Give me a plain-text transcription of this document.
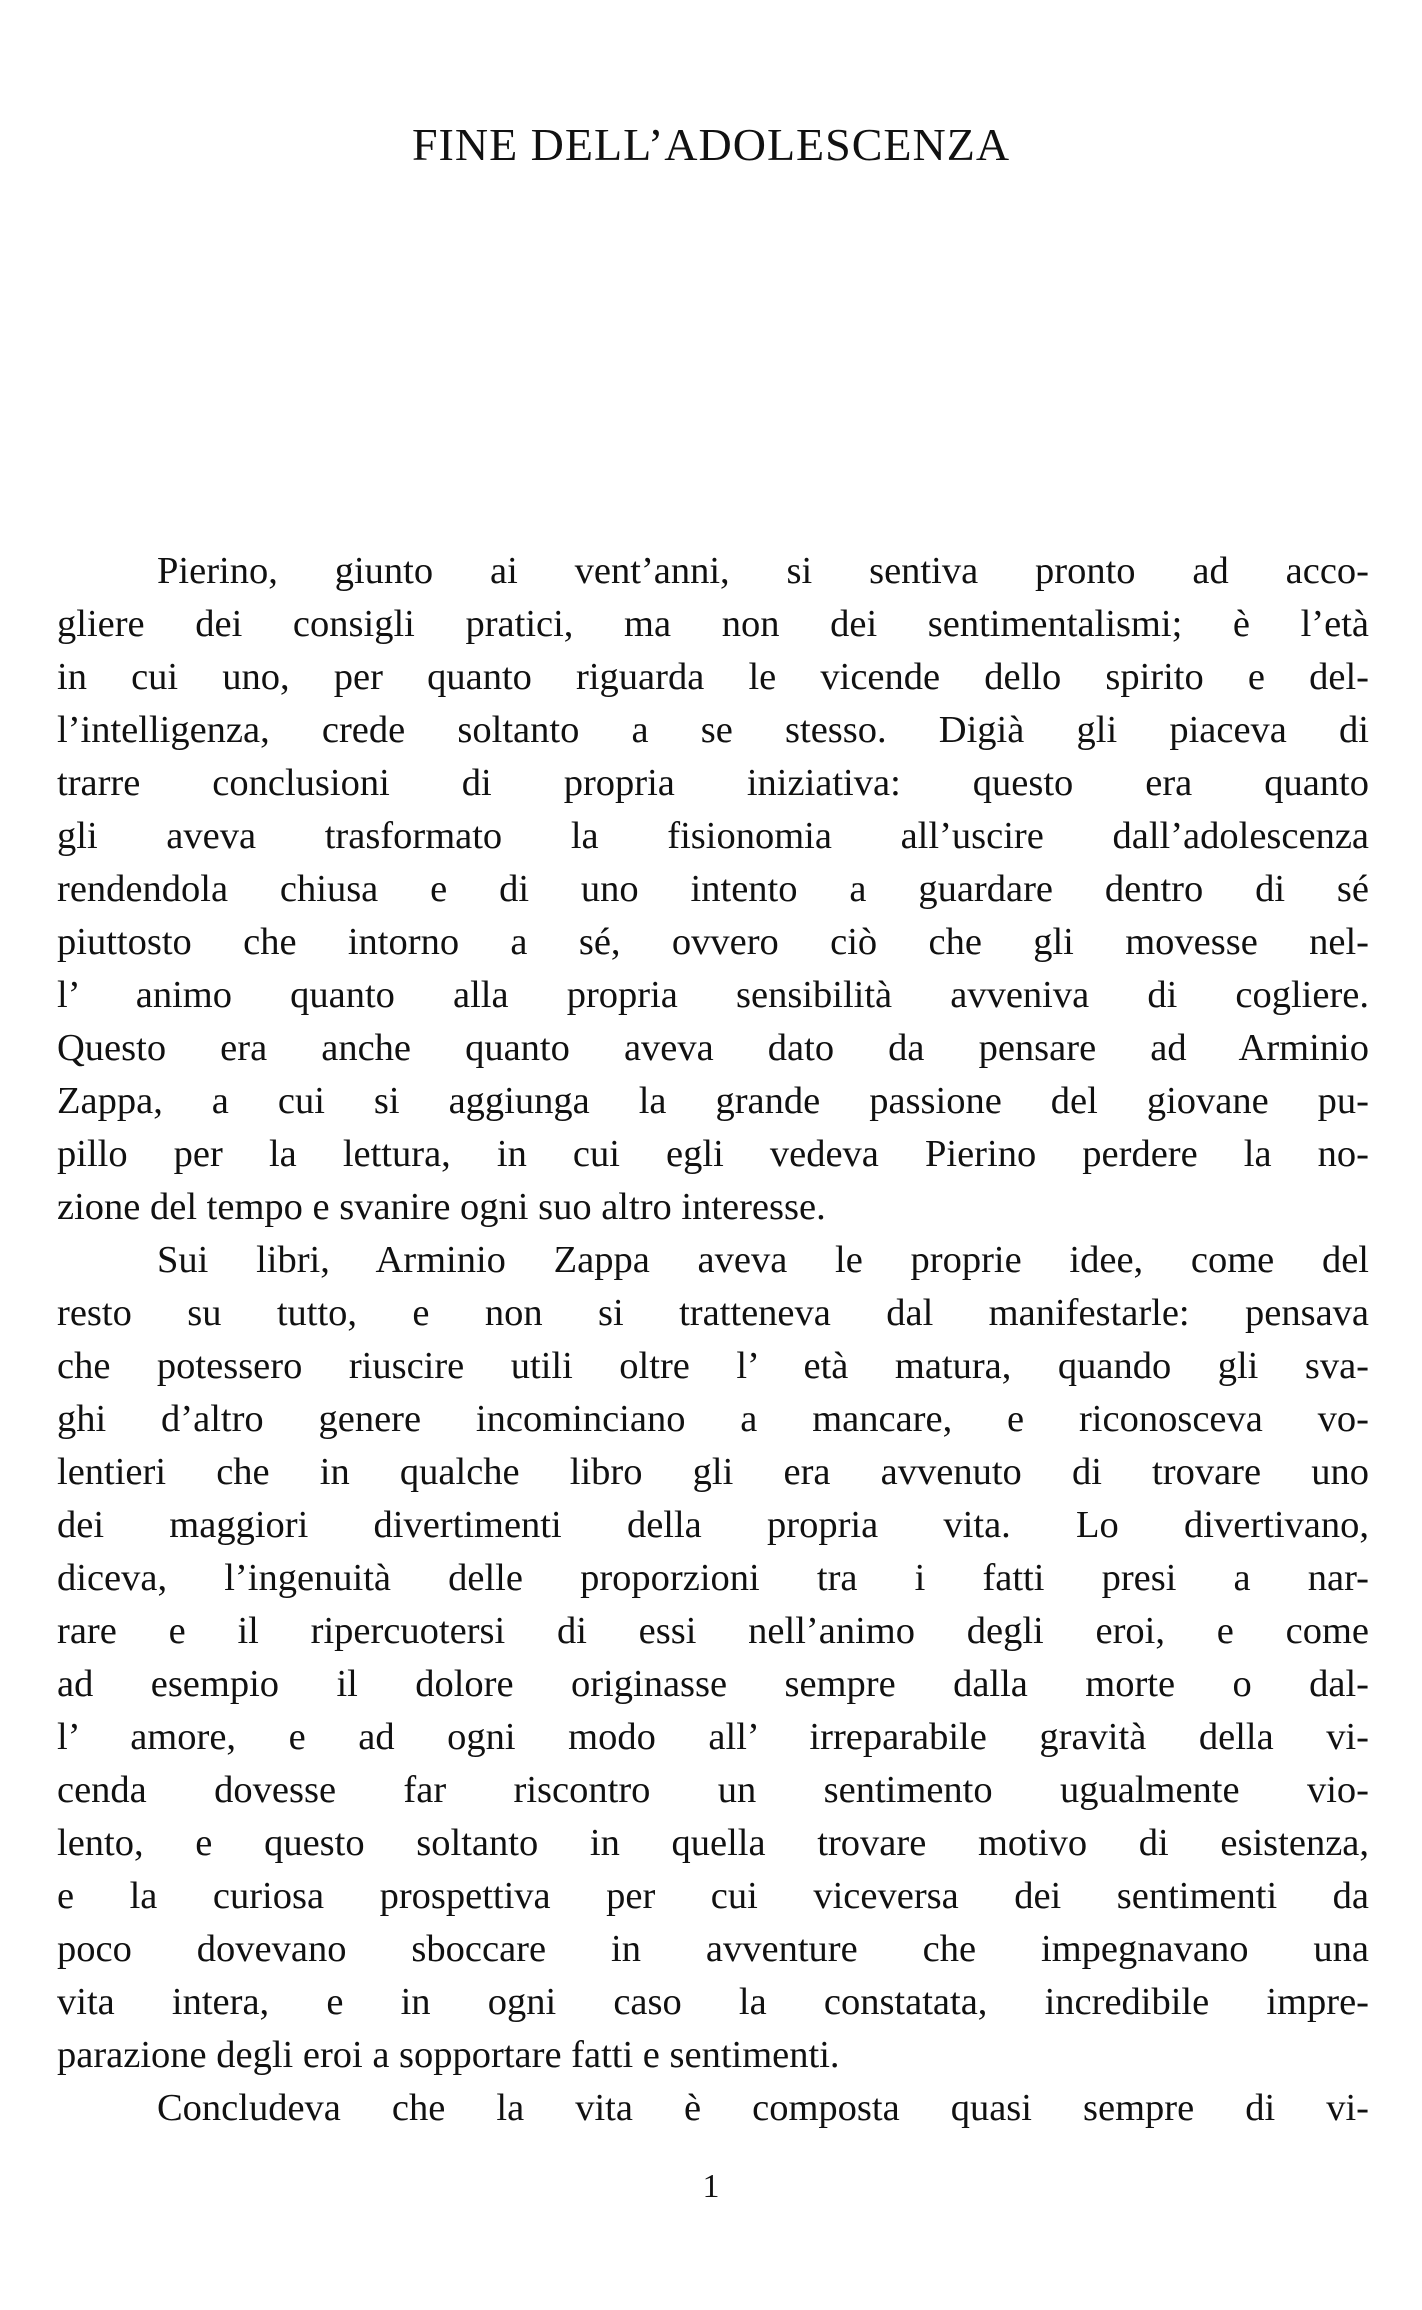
FINE DELL’ADOLESCENZA
Pierino, giunto ai vent’anni, si sentiva pronto ad acco-
gliere dei consigli pratici, ma non dei sentimentalismi; è l’età
in cui uno, per quanto riguarda le vicende dello spirito e del-
l’intelligenza, crede soltanto a se stesso. Digià gli piaceva di
trarre conclusioni di propria iniziativa: questo era quanto
gli aveva trasformato la fisionomia all’uscire dall’adolescenza
rendendola chiusa e di uno intento a guardare dentro di sé
piuttosto che intorno a sé, ovvero ciò che gli movesse nel-
l’ animo quanto alla propria sensibilità avveniva di cogliere.
Questo era anche quanto aveva dato da pensare ad Arminio
Zappa, a cui si aggiunga la grande passione del giovane pu-
pillo per la lettura, in cui egli vedeva Pierino perdere la no-
zione del tempo e svanire ogni suo altro interesse.
Sui libri, Arminio Zappa aveva le proprie idee, come del
resto su tutto, e non si tratteneva dal manifestarle: pensava
che potessero riuscire utili oltre l’ età matura, quando gli sva-
ghi d’altro genere incominciano a mancare, e riconosceva vo-
lentieri che in qualche libro gli era avvenuto di trovare uno
dei maggiori divertimenti della propria vita. Lo divertivano,
diceva, l’ingenuità delle proporzioni tra i fatti presi a nar-
rare e il ripercuotersi di essi nell’animo degli eroi, e come
ad esempio il dolore originasse sempre dalla morte o dal-
l’ amore, e ad ogni modo all’ irreparabile gravità della vi-
cenda dovesse far riscontro un sentimento ugualmente vio-
lento, e questo soltanto in quella trovare motivo di esistenza,
e la curiosa prospettiva per cui viceversa dei sentimenti da
poco dovevano sboccare in avventure che impegnavano una
vita intera, e in ogni caso la constatata, incredibile impre-
parazione degli eroi a sopportare fatti e sentimenti.
Concludeva che la vita è composta quasi sempre di vi-
1
